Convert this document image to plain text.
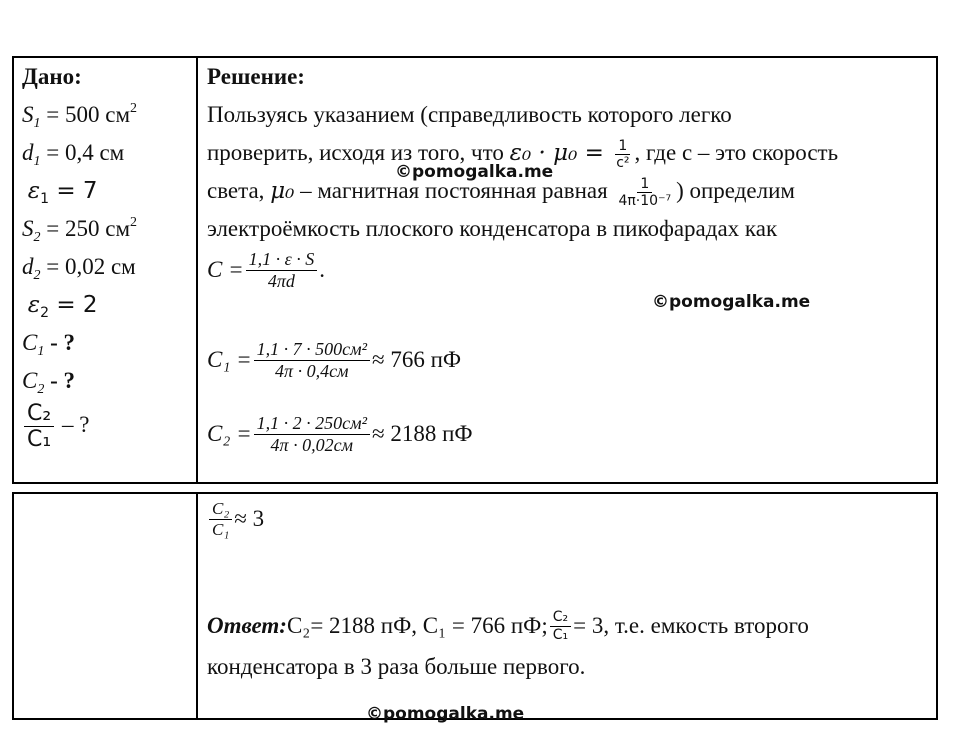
Дано:
$S_1 = 500$ $см^2$
$d_1 = 0,4$ см
$\varepsilon_1 = 7$
$S_2 = 250$ $см^2$
$d_2 = 0,02$ см
$\varepsilon_2 = 2$
$C_1$ - ?
$C_2$ - ?
$\frac{\text{C₂}}{\text{C₁}}$ – ?
Решение:
Пользуясь указанием (справедливость которого легко
проверить, исходя из того, что $\varepsilon_0 \cdot \mu_0 = \frac{1}{\text{c²}}$ , где c – это скорость
света, μ₀ – магнитная постоянная равная $\frac{1}{\text{4π·10⁻⁷}}$ ) определим
электроёмкость плоского конденсатора в пикофарадах как
$C = \frac{1,1 \cdot \varepsilon \cdot S}{4\pi d}$ .
$C_1 = \frac{\text{1,1 · 7 · 500см²}}{4\pi \cdot 0,4см} \approx 766$ пФ
$C_2 = \frac{\text{1,1 · 2 · 250см²}}{4\pi \cdot 0,02см} \approx 2188$ пФ
$\frac{\text{C₂}}{\text{C₁}} \approx 3$
Ответ: C₂= 2188 пФ, C₁ = 766 пФ; $\frac{\text{C₂}}{\text{C₁}} = 3$, т.е. емкость второго
конденсатора в 3 раза больше первого.
©pomogalka.me
©pomogalka.me
©pomogalka.me
